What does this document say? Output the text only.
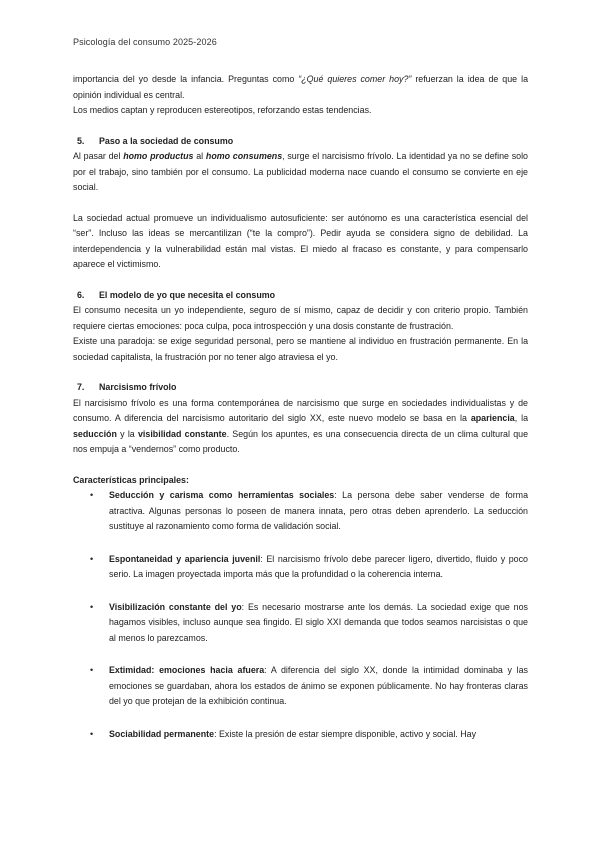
Psicología del consumo 2025-2026

importancia del yo desde la infancia. Preguntas como “¿Qué quieres comer hoy?” refuerzan la idea de que la opinión individual es central.

Los medios captan y reproducen estereotipos, reforzando estas tendencias.

5. Paso a la sociedad de consumo

Al pasar del homo productus al homo consumens, surge el narcisismo frívolo. La identidad ya no se define solo por el trabajo, sino también por el consumo. La publicidad moderna nace cuando el consumo se convierte en eje social.

La sociedad actual promueve un individualismo autosuficiente: ser autónomo es una característica esencial del “ser”. Incluso las ideas se mercantilizan (“te la compro”). Pedir ayuda se considera signo de debilidad. La interdependencia y la vulnerabilidad están mal vistas. El miedo al fracaso es constante, y para compensarlo aparece el victimismo.

6. El modelo de yo que necesita el consumo

El consumo necesita un yo independiente, seguro de sí mismo, capaz de decidir y con criterio propio. También requiere ciertas emociones: poca culpa, poca introspección y una dosis constante de frustración.

Existe una paradoja: se exige seguridad personal, pero se mantiene al individuo en frustración permanente. En la sociedad capitalista, la frustración por no tener algo atraviesa el yo.

7. Narcisismo frívolo

El narcisismo frívolo es una forma contemporánea de narcisismo que surge en sociedades individualistas y de consumo. A diferencia del narcisismo autoritario del siglo XX, este nuevo modelo se basa en la apariencia, la seducción y la visibilidad constante. Según los apuntes, es una consecuencia directa de un clima cultural que nos empuja a “vendernos” como producto.

Características principales:

• Seducción y carisma como herramientas sociales: La persona debe saber venderse de forma atractiva. Algunas personas lo poseen de manera innata, pero otras deben aprenderlo. La seducción sustituye al razonamiento como forma de validación social.
• Espontaneidad y apariencia juvenil: El narcisismo frívolo debe parecer ligero, divertido, fluido y poco serio. La imagen proyectada importa más que la profundidad o la coherencia interna.
• Visibilización constante del yo: Es necesario mostrarse ante los demás. La sociedad exige que nos hagamos visibles, incluso aunque sea fingido. El siglo XXI demanda que todos seamos narcisistas o que al menos lo parezcamos.
• Extimidad: emociones hacia afuera: A diferencia del siglo XX, donde la intimidad dominaba y las emociones se guardaban, ahora los estados de ánimo se exponen públicamente. No hay fronteras claras del yo que protejan de la exhibición continua.
• Sociabilidad permanente: Existe la presión de estar siempre disponible, activo y social. Hay
